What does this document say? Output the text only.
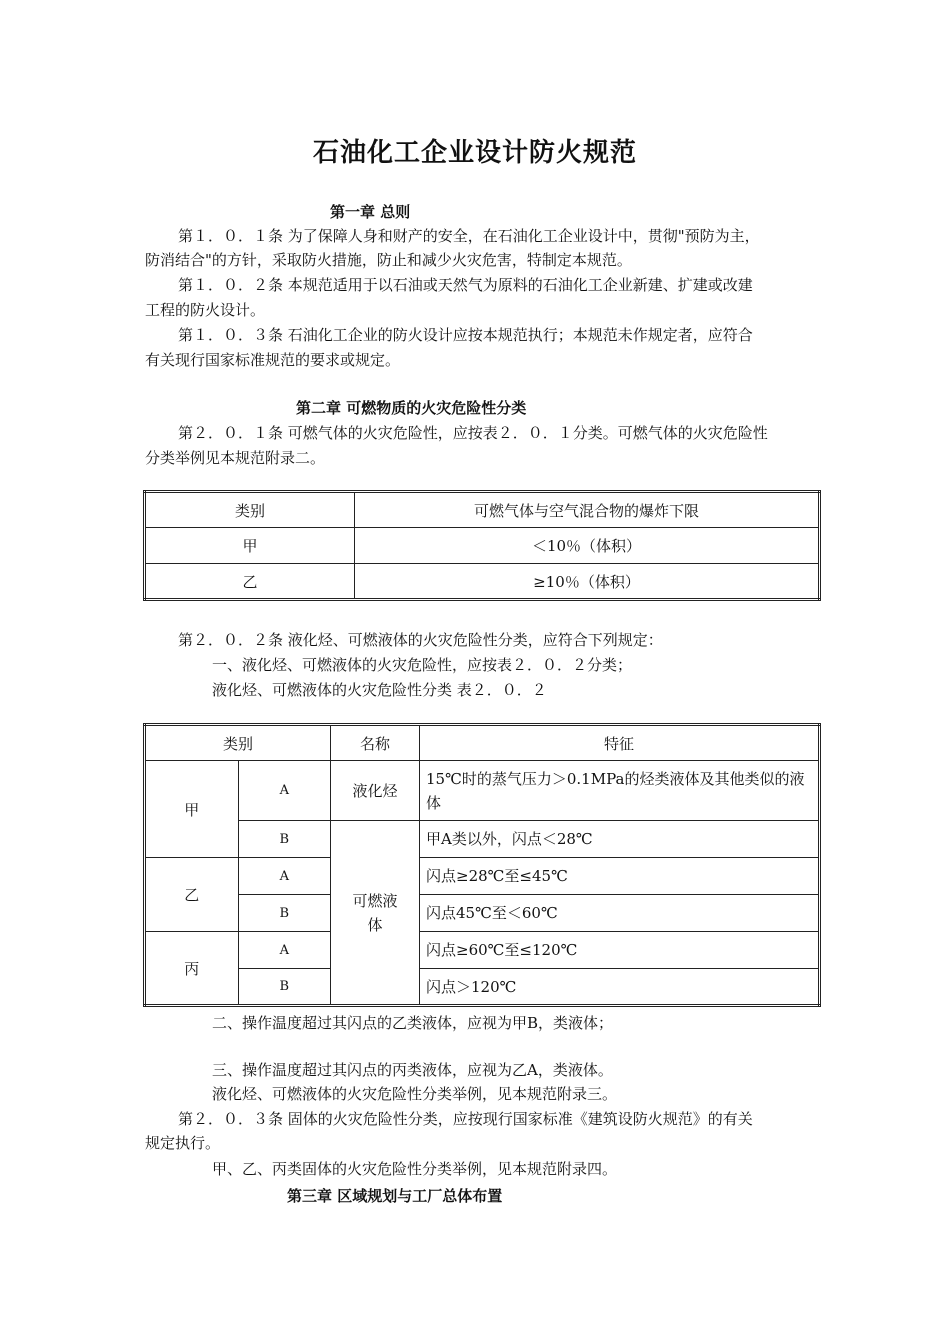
石油化工企业设计防火规范
第一章 总则
第１．０．１条 为了保障人身和财产的安全，在石油化工企业设计中，贯彻"预防为主，
防消结合"的方针，采取防火措施，防止和减少火灾危害，特制定本规范。
第１．０．２条 本规范适用于以石油或天然气为原料的石油化工企业新建、扩建或改建
工程的防火设计。
第１．０．３条 石油化工企业的防火设计应按本规范执行；本规范未作规定者，应符合
有关现行国家标准规范的要求或规定。
第二章 可燃物质的火灾危险性分类
第２．０．１条 可燃气体的火灾危险性，应按表２．０．１分类。可燃气体的火灾危险性
分类举例见本规范附录二。
类别	可燃气体与空气混合物的爆炸下限
甲	＜10％（体积）
乙	≥10％（体积）
第２．０．２条 液化烃、可燃液体的火灾危险性分类，应符合下列规定：
一、液化烃、可燃液体的火灾危险性，应按表２．０．２分类；
液化烃、可燃液体的火灾危险性分类 表２．０．２
类别		名称	特征
甲	A	液化烃	15℃时的蒸气压力＞0.1MPa的烃类液体及其他类似的液体
	B	可燃液体	甲A类以外，闪点＜28℃
乙	A		闪点≥28℃至≤45℃
	B		闪点45℃至＜60℃
丙	A		闪点≥60℃至≤120℃
	B		闪点＞120℃
二、操作温度超过其闪点的乙类液体，应视为甲B，类液体；
三、操作温度超过其闪点的丙类液体，应视为乙A，类液体。
液化烃、可燃液体的火灾危险性分类举例，见本规范附录三。
第２．０．３条 固体的火灾危险性分类，应按现行国家标准《建筑设防火规范》的有关
规定执行。
甲、乙、丙类固体的火灾危险性分类举例，见本规范附录四。
第三章 区域规划与工厂总体布置
